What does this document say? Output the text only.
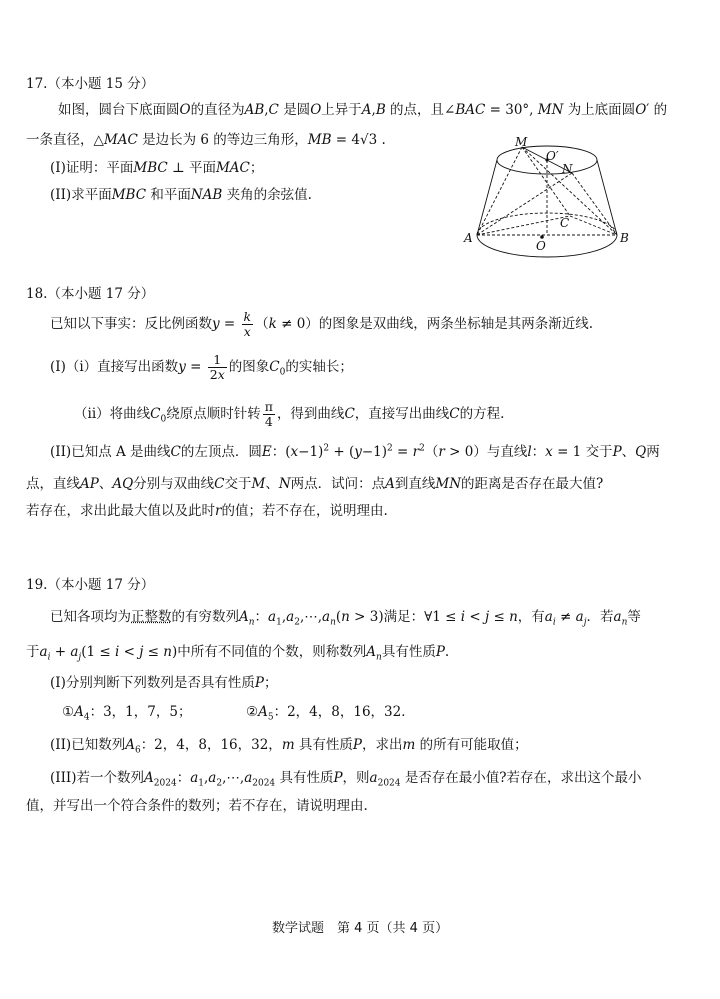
17.（本小题 15 分）
如图，圆台下底面圆O的直径为AB,C 是圆O上异于A,B 的点，且∠BAC = 30°, MN 为上底面圆O′ 的
一条直径，△MAC 是边长为 6 的等边三角形，MB = 4√3 .
(I)证明：平面MBC ⊥ 平面MAC；
(II)求平面MBC 和平面NAB 夹角的余弦值.
M
O′
N
C
A	B
O
18.（本小题 17 分）
已知以下事实：反比例函数$y = \frac{k}{x} (k \ne 0)$的图象是双曲线，两条坐标轴是其两条渐近线.
(I)（i）直接写出函数$y = \frac{1}{2x}$ 的图象$C_0$的实轴长；
（ii）将曲线$C_0$绕原点顺时针转 $\frac{\pi}{4}$ ，得到曲线C，直接写出曲线C的方程.
(II)已知点 A 是曲线C的左顶点．圆E：$(x-1)^2 + (y-1)^2 = r^2(r > 0)$与直线l：x = 1 交于P、Q两
点，直线AP、AQ分别与双曲线C交于M、N两点．试问：点A到直线MN的距离是否存在最大值?
若存在，求出此最大值以及此时r的值；若不存在，说明理由.
19.（本小题 17 分）
已知各项均为正整数的有穷数列$A_n$：$a_1,a_2,\cdots,a_n(n > 3)$满足：∀1 ≤ i < j ≤ n，有$a_i \ne a_j$．若$a_n$等
于$a_i + a_j(1 \le i < j \le n)$中所有不同值的个数，则称数列$A_n$具有性质P.
(I)分别判断下列数列是否具有性质P；
$①A_4$：3，1，7，5；	$②A_5$：2，4，8，16，32．
(II)已知数列$A_6$：2，4，8，16，32，m 具有性质P，求出m 的所有可能取值；
(III)若一个数列$A_{2024}$：$a_1,a_2,\cdots,a_{2024}$ 具有性质P，则$a_{2024}$ 是否存在最小值?若存在，求出这个最小
值，并写出一个符合条件的数列；若不存在，请说明理由.
数学试题　第 4 页（共 4 页）
